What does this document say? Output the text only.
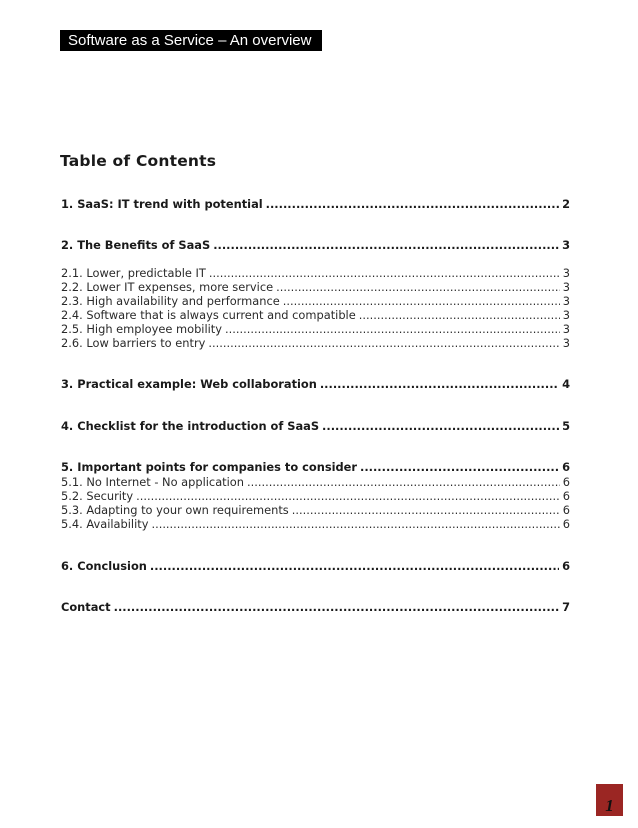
Software as a Service – An overview
Table of Contents
1. SaaS: IT trend with potential .....	2
2. The Benefits of SaaS .....	3
2.1. Lower, predictable IT .....	3
2.2. Lower IT expenses, more service .....	3
2.3. High availability and performance .....	3
2.4. Software that is always current and compatible .....	3
2.5. High employee mobility .....	3
2.6. Low barriers to entry .....	3
3. Practical example: Web collaboration .....	4
4. Checklist for the introduction of SaaS .....	5
5. Important points for companies to consider .....	6
5.1. No Internet - No application .....	6
5.2. Security .....	6
5.3. Adapting to your own requirements .....	6
5.4. Availability .....	6
6. Conclusion .....	6
Contact .....	7
1
